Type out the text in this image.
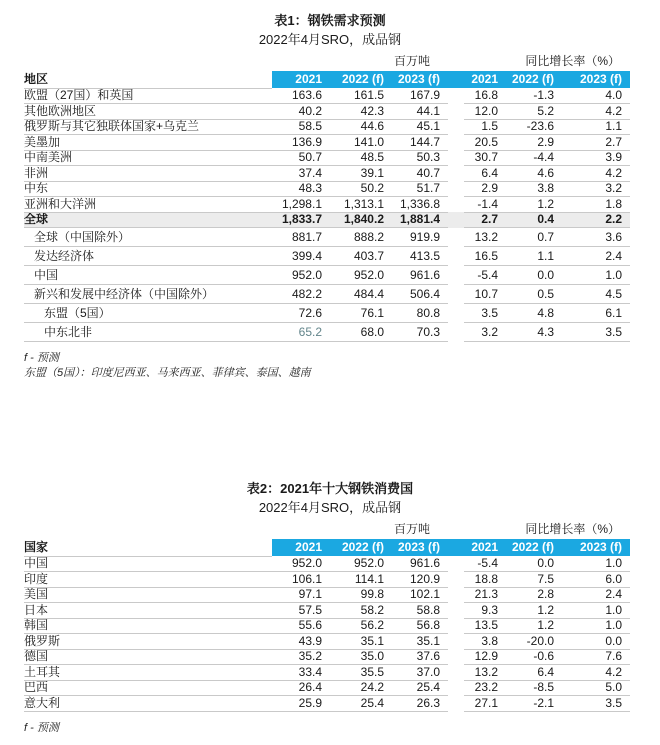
表1：钢铁需求预测
2022年4月SRO，成品钢
	百万吨				同比增长率（%）		
地区	2021	2022 (f)	2023 (f)		2021	2022 (f)	2023 (f)
欧盟（27国）和英国	163.6	161.5	167.9		16.8	-1.3	4.0
其他欧洲地区	40.2	42.3	44.1		12.0	5.2	4.2
俄罗斯与其它独联体国家+乌克兰	58.5	44.6	45.1		1.5	-23.6	1.1
美墨加	136.9	141.0	144.7		20.5	2.9	2.7
中南美洲	50.7	48.5	50.3		30.7	-4.4	3.9
非洲	37.4	39.1	40.7		6.4	4.6	4.2
中东	48.3	50.2	51.7		2.9	3.8	3.2
亚洲和大洋洲	1,298.1	1,313.1	1,336.8		-1.4	1.2	1.8
全球	1,833.7	1,840.2	1,881.4		2.7	0.4	2.2
全球（中国除外）	881.7	888.2	919.9		13.2	0.7	3.6
发达经济体	399.4	403.7	413.5		16.5	1.1	2.4
中国	952.0	952.0	961.6		-5.4	0.0	1.0
新兴和发展中经济体（中国除外）	482.2	484.4	506.4		10.7	0.5	4.5
东盟（5国）	72.6	76.1	80.8		3.5	4.8	6.1
中东北非	65.2	68.0	70.3		3.2	4.3	3.5

f - 预测

东盟（5国）：印度尼西亚、马来西亚、菲律宾、泰国、越南

表2：2021年十大钢铁消费国
2022年4月SRO，成品钢
	百万吨				同比增长率（%）		
国家	2021	2022 (f)	2023 (f)		2021	2022 (f)	2023 (f)
中国	952.0	952.0	961.6		-5.4	0.0	1.0
印度	106.1	114.1	120.9		18.8	7.5	6.0
美国	97.1	99.8	102.1		21.3	2.8	2.4
日本	57.5	58.2	58.8		9.3	1.2	1.0
韩国	55.6	56.2	56.8		13.5	1.2	1.0
俄罗斯	43.9	35.1	35.1		3.8	-20.0	0.0
德国	35.2	35.0	37.6		12.9	-0.6	7.6
土耳其	33.4	35.5	37.0		13.2	6.4	4.2
巴西	26.4	24.2	25.4		23.2	-8.5	5.0
意大利	25.9	25.4	26.3		27.1	-2.1	3.5

f - 预测
